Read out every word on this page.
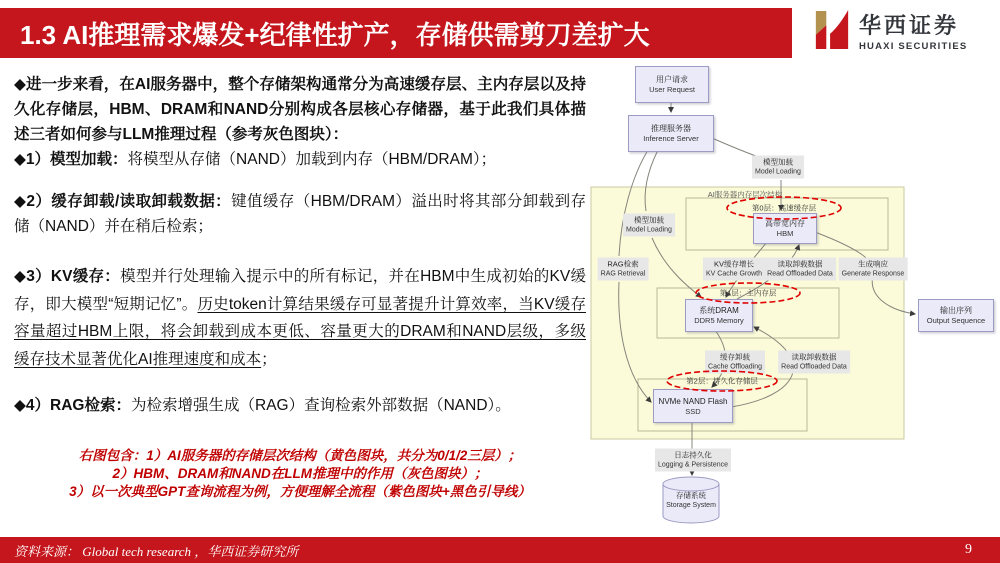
1.3 AI推理需求爆发+纪律性扩产，存储供需剪刀差扩大	华西证券
HUAXI SECURITIES

◆进一步来看，在AI服务器中，整个存储架构通常分为高速缓存层、主内存层以及持久化存储层，HBM、DRAM和NAND分别构成各层核心存储器，基于此我们具体描述三者如何参与LLM推理过程（参考灰色图块）：

◆1）模型加载：将模型从存储（NAND）加载到内存（HBM/DRAM）；

◆2）缓存卸载/读取卸载数据：键值缓存（HBM/DRAM）溢出时将其部分卸载到存储（NAND）并在稍后检索；

◆3）KV缓存：模型并行处理输入提示中的所有标记，并在HBM中生成初始的KV缓存，即大模型“短期记忆”。历史token计算结果缓存可显著提升计算效率，当KV缓存容量超过HBM上限，将会卸载到成本更低、容量更大的DRAM和NAND层级，多级缓存技术显著优化AI推理速度和成本；

◆4）RAG检索：为检索增强生成（RAG）查询检索外部数据（NAND）。

右图包含：1）AI服务器的存储层次结构（黄色图块，共分为0/1/2三层）；
2）HBM、DRAM和NAND在LLM推理中的作用（灰色图块）；
3）以一次典型GPT查询流程为例，方便理解全流程（紫色图块+黑色引导线）
AI服务器内存层次结构
用户请求
User Request
推理服务器
Inference Server
高带宽内存
HBM
系统DRAM
DDR5 Memory
NVMe NAND Flash
SSD
输出序列
Output Sequence
模型加载
Model Loading
模型加载
Model Loading
RAG检索
RAG Retrieval
KV缓存增长
KV Cache Growth
读取卸载数据
Read Offloaded Data
生成响应
Generate Response
缓存卸载
Cache Offloading
读取卸载数据
Read Offloaded Data
日志持久化
Logging & Persistence
存储系统
Storage System
第0层：高速缓存层
第1层：主内存层
第2层：持久化存储层
资料来源： Global tech research ，华西证券研究所	9
